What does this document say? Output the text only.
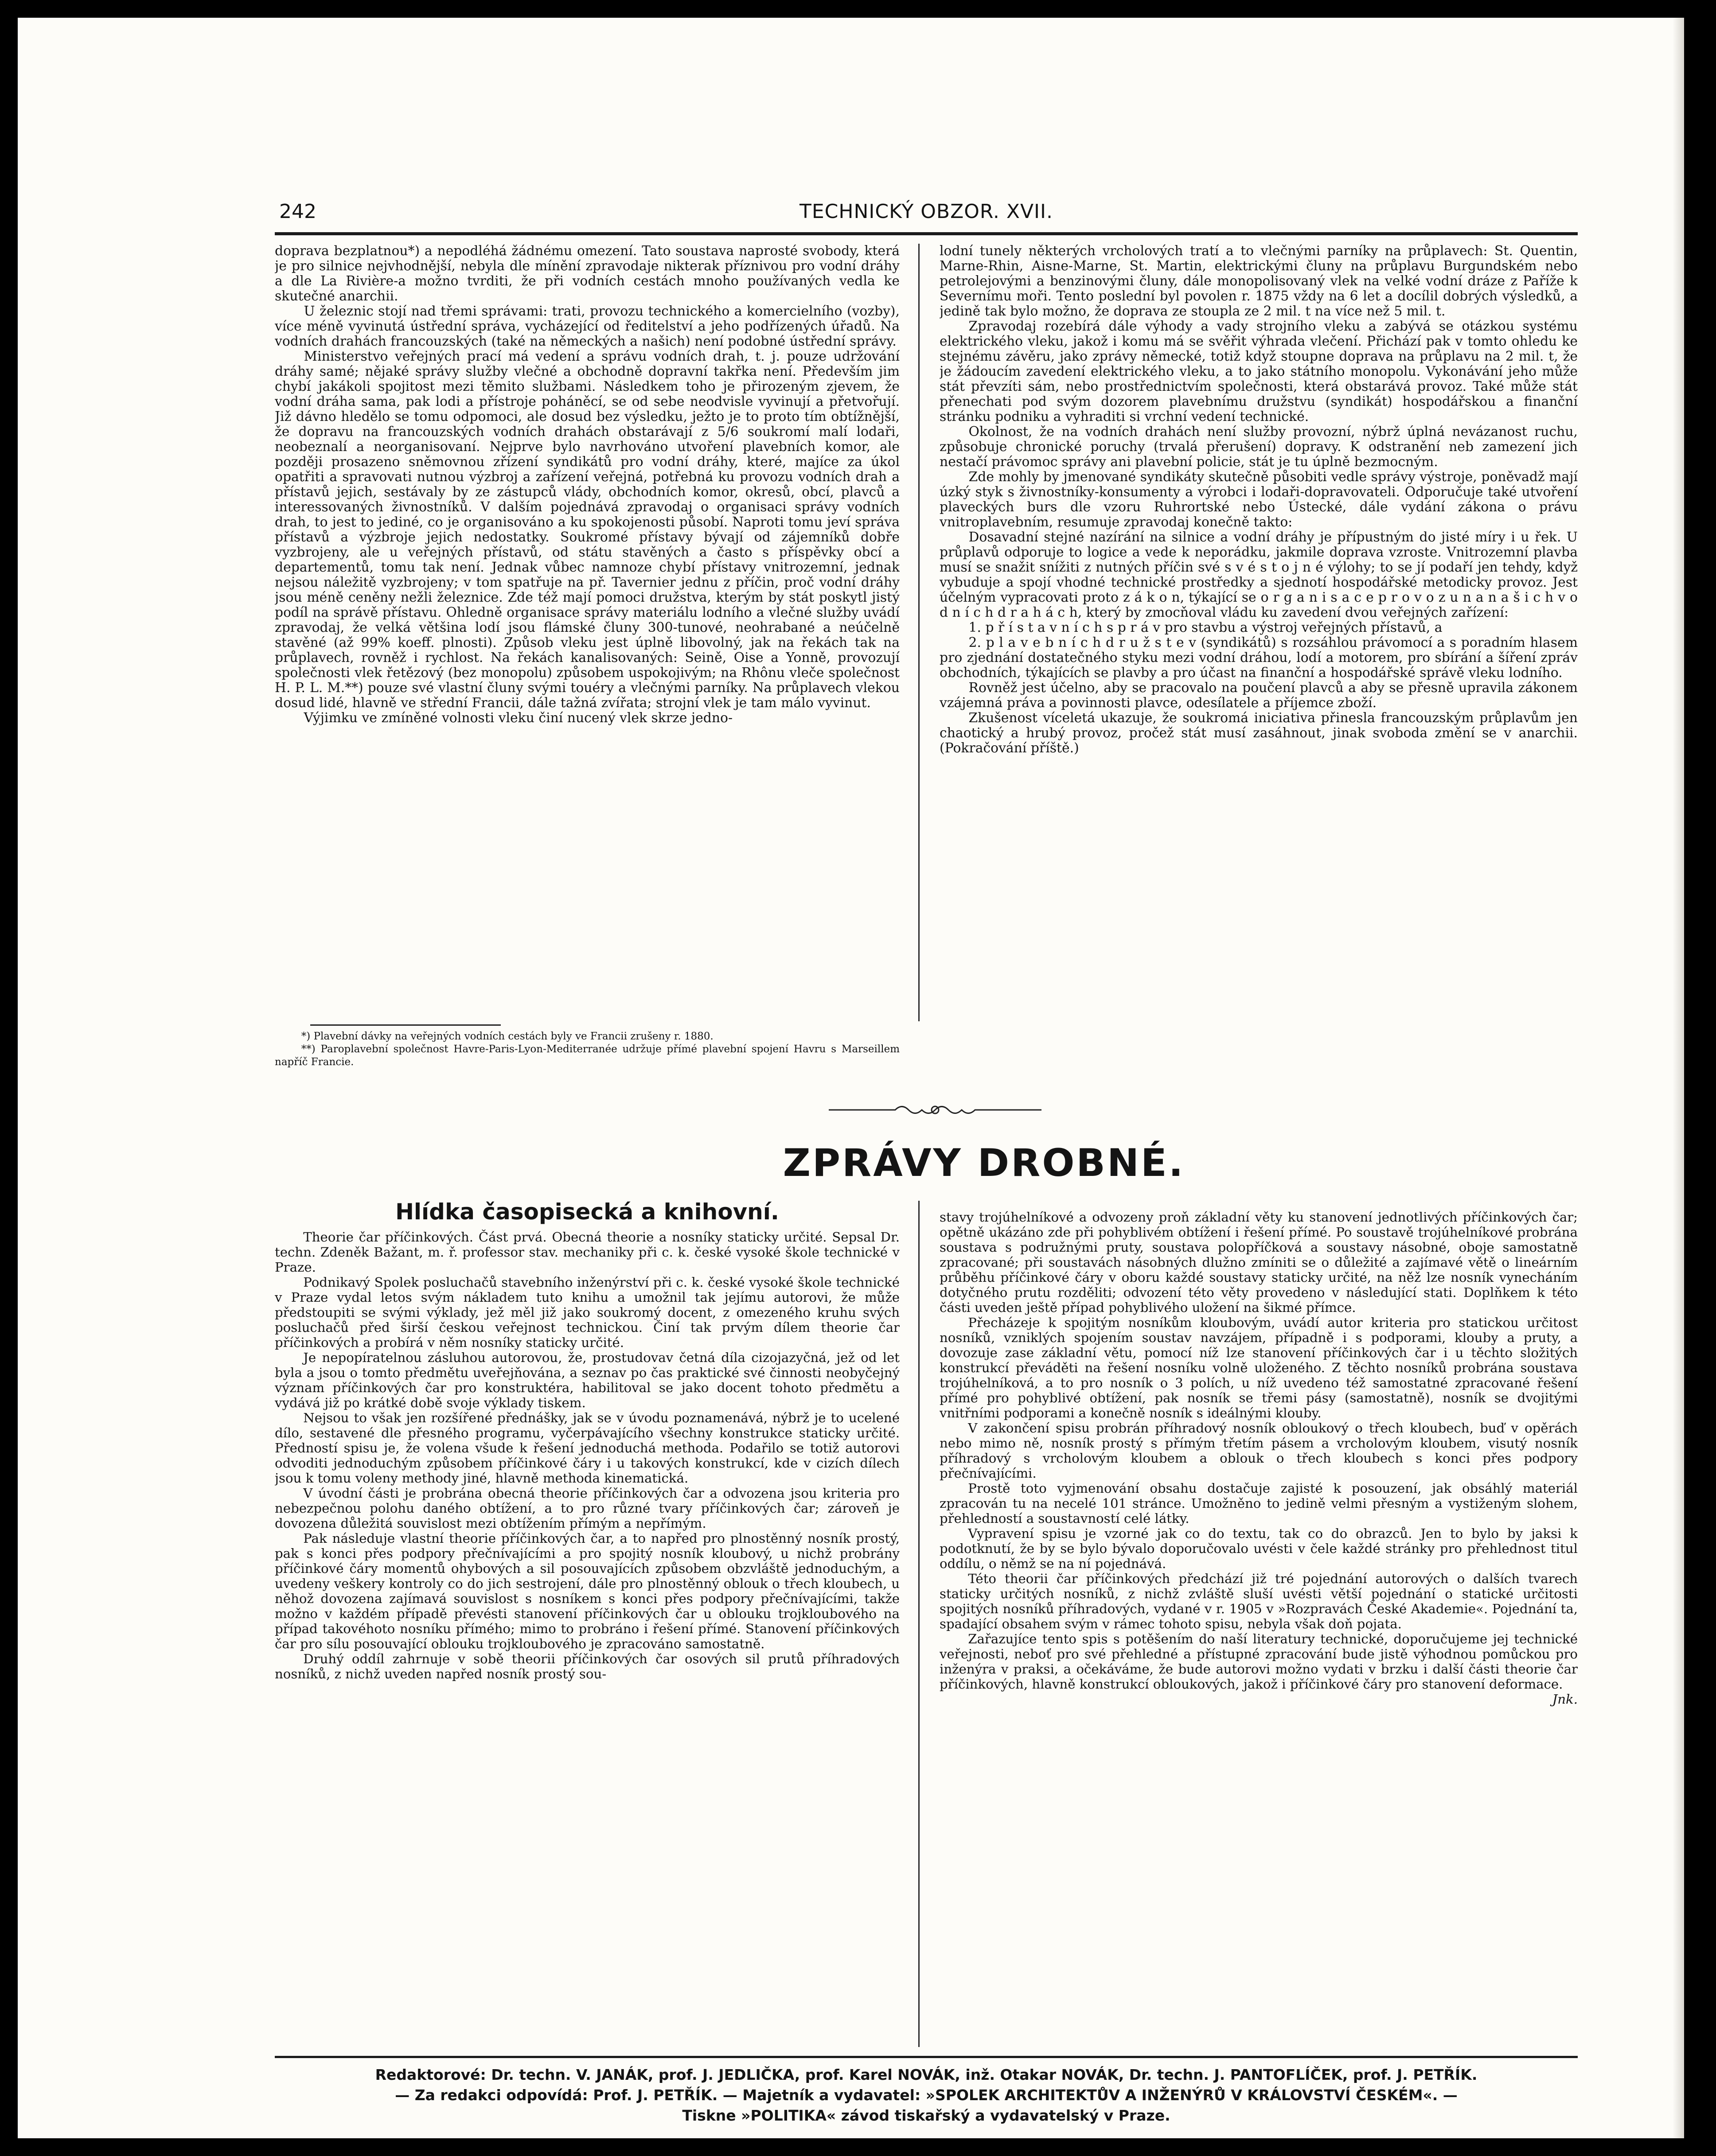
242	TECHNICKÝ OBZOR. XVII.

doprava bezplatnou*) a nepodléhá žádnému omezení. Tato soustava naprosté svobody, která je pro silnice nejvhodnější, nebyla dle mínění zpravodaje nikterak příznivou pro vodní dráhy a dle La Rivière-a možno tvrditi, že při vodních cestách mnoho používaných vedla ke skutečné anarchii.

U železnic stojí nad třemi správami: trati, provozu technického a komercielního (vozby), více méně vyvinutá ústřední správa, vycházející od ředitelství a jeho podřízených úřadů. Na vodních drahách francouzských (také na německých a našich) není podobné ústřední správy.

Ministerstvo veřejných prací má vedení a správu vodních drah, t. j. pouze udržování dráhy samé; nějaké správy služby vlečné a obchodně dopravní takřka není. Především jim chybí jakákoli spojitost mezi těmito službami. Následkem toho je přirozeným zjevem, že vodní dráha sama, pak lodi a přístroje poháněcí, se od sebe neodvisle vyvinují a přetvořují. Již dávno hledělo se tomu odpomoci, ale dosud bez výsledku, ježto je to proto tím obtížnější, že dopravu na francouzských vodních drahách obstarávají z 5/6 soukromí malí lodaři, neobeznalí a neorganisovaní. Nejprve bylo navrhováno utvoření plavebních komor, ale později prosazeno sněmovnou zřízení syndikátů pro vodní dráhy, které, majíce za úkol opatřiti a spravovati nutnou výzbroj a zařízení veřejná, potřebná ku provozu vodních drah a přístavů jejich, sestávaly by ze zástupců vlády, obchodních komor, okresů, obcí, plavců a interessovaných živnostníků. V dalším pojednává zpravodaj o organisaci správy vodních drah, to jest to jediné, co je organisováno a ku spokojenosti působí. Naproti tomu jeví správa přístavů a výzbroje jejich nedostatky. Soukromé přístavy bývají od zájemníků dobře vyzbrojeny, ale u veřejných přístavů, od státu stavěných a často s příspěvky obcí a departementů, tomu tak není. Jednak vůbec namnoze chybí přístavy vnitrozemní, jednak nejsou náležitě vyzbrojeny; v tom spatřuje na př. Tavernier jednu z příčin, proč vodní dráhy jsou méně ceněny nežli železnice. Zde též mají pomoci družstva, kterým by stát poskytl jistý podíl na správě přístavu. Ohledně organisace správy materiálu lodního a vlečné služby uvádí zpravodaj, že velká většina lodí jsou flámské čluny 300-tunové, neohrabané a neúčelně stavěné (až 99% koeff. plnosti). Způsob vleku jest úplně libovolný, jak na řekách tak na průplavech, rovněž i rychlost. Na řekách kanalisovaných: Seině, Oise a Yonně, provozují společnosti vlek řetězový (bez monopolu) způsobem uspokojivým; na Rhônu vleče společnost H. P. L. M.**) pouze své vlastní čluny svými touéry a vlečnými parníky. Na průplavech vlekou dosud lidé, hlavně ve střední Francii, dále tažná zvířata; strojní vlek je tam málo vyvinut.

Výjimku ve zmíněné volnosti vleku činí nucený vlek skrze jedno-

lodní tunely některých vrcholových tratí a to vlečnými parníky na průplavech: St. Quentin, Marne-Rhin, Aisne-Marne, St. Martin, elektrickými čluny na průplavu Burgundském nebo petrolejovými a benzinovými čluny, dále monopolisovaný vlek na velké vodní dráze z Paříže k Severnímu moři. Tento poslední byl povolen r. 1875 vždy na 6 let a docílil dobrých výsledků, a jedině tak bylo možno, že doprava ze stoupla ze 2 mil. t na více než 5 mil. t.

Zpravodaj rozebírá dále výhody a vady strojního vleku a zabývá se otázkou systému elektrického vleku, jakož i komu má se svěřit výhrada vlečení. Přichází pak v tomto ohledu ke stejnému závěru, jako zprávy německé, totiž když stoupne doprava na průplavu na 2 mil. t, že je žádoucím zavedení elektrického vleku, a to jako státního monopolu. Vykonávání jeho může stát převzíti sám, nebo prostřednictvím společnosti, která obstarává provoz. Také může stát přenechati pod svým dozorem plavebnímu družstvu (syndikát) hospodářskou a finanční stránku podniku a vyhraditi si vrchní vedení technické.

Okolnost, že na vodních drahách není služby provozní, nýbrž úplná nevázanost ruchu, způsobuje chronické poruchy (trvalá přerušení) dopravy. K odstranění neb zamezení jich nestačí právomoc správy ani plavební policie, stát je tu úplně bezmocným.

Zde mohly by jmenované syndikáty skutečně působiti vedle správy výstroje, poněvadž mají úzký styk s živnostníky-konsumenty a výrobci i lodaři-dopravovateli. Odporučuje také utvoření plaveckých burs dle vzoru Ruhrortské nebo Ústecké, dále vydání zákona o právu vnitroplavebním, resumuje zpravodaj konečně takto:

Dosavadní stejné nazírání na silnice a vodní dráhy je přípustným do jisté míry i u řek. U průplavů odporuje to logice a vede k neporádku, jakmile doprava vzroste. Vnitrozemní plavba musí se snažit snížiti z nutných příčin své s v é s t o j n é výlohy; to se jí podaří jen tehdy, když vybuduje a spojí vhodné technické prostředky a sjednotí hospodářské metodicky provoz. Jest účelným vypracovati proto z á k o n, týkající se o r g a n i s a c e p r o v o z u n a n a š i c h v o d n í c h d r a h á c h, který by zmocňoval vládu ku zavedení dvou veřejných zařízení:

1. p ř í s t a v n í c h s p r á v pro stavbu a výstroj veřejných přístavů, a

2. p l a v e b n í c h d r u ž s t e v (syndikátů) s rozsáhlou právomocí a s poradním hlasem pro zjednání dostatečného styku mezi vodní dráhou, lodí a motorem, pro sbírání a šíření zpráv obchodních, týkajících se plavby a pro účast na finanční a hospodářské správě vleku lodního.

Rovněž jest účelno, aby se pracovalo na poučení plavců a aby se přesně upravila zákonem vzájemná práva a povinnosti plavce, odesílatele a příjemce zboží.

Zkušenost víceletá ukazuje, že soukromá iniciativa přinesla francouzským průplavům jen chaotický a hrubý provoz, pročež stát musí zasáhnout, jinak svoboda změní se v anarchii. (Pokračování příště.)

*) Plavební dávky na veřejných vodních cestách byly ve Francii zrušeny r. 1880.

**) Paroplavební společnost Havre-Paris-Lyon-Mediterranée udržuje přímé plavební spojení Havru s Marseillem napříč Francie.

ZPRÁVY DROBNÉ.
Hlídka časopisecká a knihovní.

Theorie čar příčinkových. Část prvá. Obecná theorie a nosníky staticky určité. Sepsal Dr. techn. Zdeněk Bažant, m. ř. professor stav. mechaniky při c. k. české vysoké škole technické v Praze.

Podnikavý Spolek posluchačů stavebního inženýrství při c. k. české vysoké škole technické v Praze vydal letos svým nákladem tuto knihu a umožnil tak jejímu autorovi, že může předstoupiti se svými výklady, jež měl již jako soukromý docent, z omezeného kruhu svých posluchačů před širší českou veřejnost technickou. Činí tak prvým dílem theorie čar příčinkových a probírá v něm nosníky staticky určité.

Je nepopíratelnou zásluhou autorovou, že, prostudovav četná díla cizojazyčná, jež od let byla a jsou o tomto předmětu uveřejňována, a seznav po čas praktické své činnosti neobyčejný význam příčinkových čar pro konstruktéra, habilitoval se jako docent tohoto předmětu a vydává již po krátké době svoje výklady tiskem.

Nejsou to však jen rozšířené přednášky, jak se v úvodu poznamenává, nýbrž je to ucelené dílo, sestavené dle přesného programu, vyčerpávajícího všechny konstrukce staticky určité. Předností spisu je, že volena všude k řešení jednoduchá methoda. Podařilo se totiž autorovi odvoditi jednoduchým způsobem příčinkové čáry i u takových konstrukcí, kde v cizích dílech jsou k tomu voleny methody jiné, hlavně methoda kinematická.

V úvodní části je probrána obecná theorie příčinkových čar a odvozena jsou kriteria pro nebezpečnou polohu daného obtížení, a to pro různé tvary příčinkových čar; zároveň je dovozena důležitá souvislost mezi obtížením přímým a nepřímým.

Pak následuje vlastní theorie příčinkových čar, a to napřed pro plnostěnný nosník prostý, pak s konci přes podpory přečnívajícími a pro spojitý nosník kloubový, u nichž probrány příčinkové čáry momentů ohybových a sil posouvajících způsobem obzvláště jednoduchým, a uvedeny veškery kontroly co do jich sestrojení, dále pro plnostěnný oblouk o třech kloubech, u něhož dovozena zajímavá souvislost s nosníkem s konci přes podpory přečnívajícími, takže možno v každém případě převésti stanovení příčinkových čar u oblouku trojkloubového na případ takovéhoto nosníku přímého; mimo to probráno i řešení přímé. Stanovení příčinkových čar pro sílu posouvající oblouku trojkloubového je zpracováno samostatně.

Druhý oddíl zahrnuje v sobě theorii příčinkových čar osových sil prutů příhradových nosníků, z nichž uveden napřed nosník prostý sou-

stavy trojúhelníkové a odvozeny proň základní věty ku stanovení jednotlivých příčinkových čar; opětně ukázáno zde při pohyblivém obtížení i řešení přímé. Po soustavě trojúhelníkové probrána soustava s podružnými pruty, soustava polopříčková a soustavy násobné, oboje samostatně zpracované; při soustavách násobných dlužno zmíniti se o důležité a zajímavé větě o lineárním průběhu příčinkové čáry v oboru každé soustavy staticky určité, na něž lze nosník vynecháním dotyčného prutu rozděliti; odvození této věty provedeno v následující stati. Doplňkem k této části uveden ještě případ pohyblivého uložení na šikmé přímce.

Přecházeje k spojitým nosníkům kloubovým, uvádí autor kriteria pro statickou určitost nosníků, vzniklých spojením soustav navzájem, případně i s podporami, klouby a pruty, a dovozuje zase základní větu, pomocí níž lze stanovení příčinkových čar i u těchto složitých konstrukcí převáděti na řešení nosníku volně uloženého. Z těchto nosníků probrána soustava trojúhelníková, a to pro nosník o 3 polích, u níž uvedeno též samostatné zpracované řešení přímé pro pohyblivé obtížení, pak nosník se třemi pásy (samostatně), nosník se dvojitými vnitřními podporami a konečně nosník s ideálnými klouby.

V zakončení spisu probrán příhradový nosník obloukový o třech kloubech, buď v opěrách nebo mimo ně, nosník prostý s přímým třetím pásem a vrcholovým kloubem, visutý nosník příhradový s vrcholovým kloubem a oblouk o třech kloubech s konci přes podpory přečnívajícími.

Prostě toto vyjmenování obsahu dostačuje zajisté k posouzení, jak obsáhlý materiál zpracován tu na necelé 101 stránce. Umožněno to jedině velmi přesným a vystiženým slohem, přehledností a soustavností celé látky.

Vypravení spisu je vzorné jak co do textu, tak co do obrazců. Jen to bylo by jaksi k podotknutí, že by se bylo bývalo doporučovalo uvésti v čele každé stránky pro přehlednost titul oddílu, o němž se na ní pojednává.

Této theorii čar příčinkových předchází již tré pojednání autorových o dalších tvarech staticky určitých nosníků, z nichž zvláště sluší uvésti větší pojednání o statické určitosti spojitých nosníků příhradových, vydané v r. 1905 v »Rozpravách České Akademie«. Pojednání ta, spadající obsahem svým v rámec tohoto spisu, nebyla však doň pojata.

Zařazujíce tento spis s potěšením do naší literatury technické, doporučujeme jej technické veřejnosti, neboť pro své přehledné a přístupné zpracování bude jistě výhodnou pomůckou pro inženýra v praksi, a očekáváme, že bude autorovi možno vydati v brzku i další části theorie čar příčinkových, hlavně konstrukcí obloukových, jakož i příčinkové čáry pro stanovení deformace.

Jnk.

Redaktorové: Dr. techn. V. JANÁK, prof. J. JEDLIČKA, prof. Karel NOVÁK, inž. Otakar NOVÁK, Dr. techn. J. PANTOFLÍČEK, prof. J. PETŘÍK.
— Za redakci odpovídá: Prof. J. PETŘÍK. — Majetník a vydavatel: »SPOLEK ARCHITEKTŮV A INŽENÝRŮ V KRÁLOVSTVÍ ČESKÉM«. —
Tiskne »POLITIKA« závod tiskařský a vydavatelský v Praze.
